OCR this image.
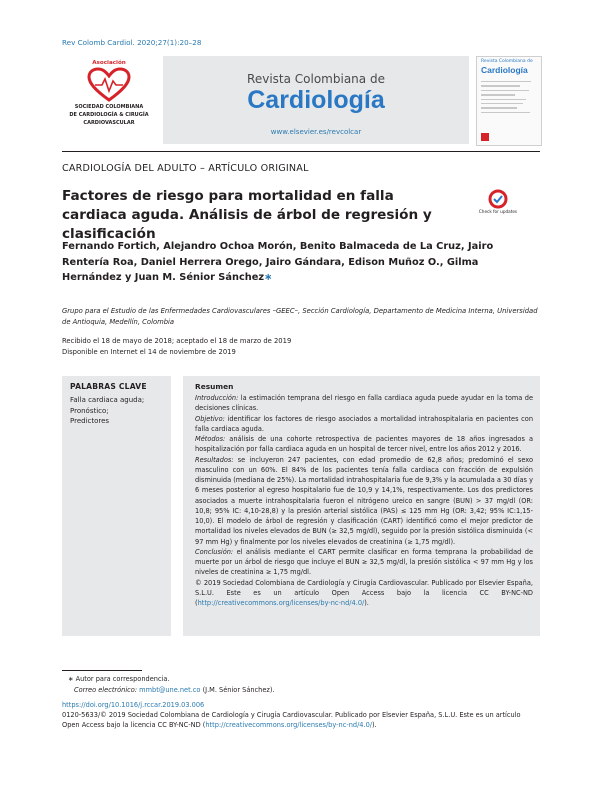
Rev Colomb Cardiol. 2020;27(1):20–28
Asociación
SOCIEDAD COLOMBIANA
DE CARDIOLOGÍA & CIRUGÍA
CARDIOVASCULAR
Revista Colombiana de
Cardiología
www.elsevier.es/revcolcar
Revista Colombiana de
Cardiología
CARDIOLOGÍA DEL ADULTO – ARTÍCULO ORIGINAL
Factores de riesgo para mortalidad en falla cardiaca aguda. Análisis de árbol de regresión y clasificación
Check for updates
Fernando Fortich, Alejandro Ochoa Morón, Benito Balmaceda de La Cruz, Jairo Rentería Roa, Daniel Herrera Orego, Jairo Gándara, Edison Muñoz O., Gilma Hernández y Juan M. Sénior Sánchez∗
Grupo para el Estudio de las Enfermedades Cardiovasculares –GEEC–, Sección Cardiología, Departamento de Medicina Interna, Universidad de Antioquia, Medellín, Colombia
Recibido el 18 de mayo de 2018; aceptado el 18 de marzo de 2019
Disponible en Internet el 14 de noviembre de 2019
PALABRAS CLAVE
Falla cardiaca aguda;
Pronóstico;
Predictores
Resumen

Introducción: la estimación temprana del riesgo en falla cardiaca aguda puede ayudar en la toma de decisiones clínicas.

Objetivo: identificar los factores de riesgo asociados a mortalidad intrahospitalaria en pacientes con falla cardiaca aguda.

Métodos: análisis de una cohorte retrospectiva de pacientes mayores de 18 años ingresados a hospitalización por falla cardiaca aguda en un hospital de tercer nivel, entre los años 2012 y 2016.

Resultados: se incluyeron 247 pacientes, con edad promedio de 62,8 años; predominó el sexo masculino con un 60%. El 84% de los pacientes tenía falla cardiaca con fracción de expulsión disminuida (mediana de 25%). La mortalidad intrahospitalaria fue de 9,3% y la acumulada a 30 días y 6 meses posterior al egreso hospitalario fue de 10,9 y 14,1%, respectivamente. Los dos predictores asociados a muerte intrahospitalaria fueron el nitrógeno ureico en sangre (BUN) > 37 mg/dl (OR: 10,8; 95% IC: 4,10-28,8) y la presión arterial sistólica (PAS) ≤ 125 mm Hg (OR: 3,42; 95% IC:1,15-10,0). El modelo de árbol de regresión y clasificación (CART) identificó como el mejor predictor de mortalidad los niveles elevados de BUN (≥ 32,5 mg/dl), seguido por la presión sistólica disminuida (< 97 mm Hg) y finalmente por los niveles elevados de creatinina (≥ 1,75 mg/dl).

Conclusión: el análisis mediante el CART permite clasificar en forma temprana la probabilidad de muerte por un árbol de riesgo que incluye el BUN ≥ 32,5 mg/dl, la presión sistólica < 97 mm Hg y los niveles de creatinina ≥ 1,75 mg/dl.

© 2019 Sociedad Colombiana de Cardiología y Cirugía Cardiovascular. Publicado por Elsevier España, S.L.U. Este es un artículo Open Access bajo la licencia CC BY-NC-ND (http://creativecommons.org/licenses/by-nc-nd/4.0/).

∗ Autor para correspondencia.
Correo electrónico: mmbt@une.net.co (J.M. Sénior Sánchez).
https://doi.org/10.1016/j.rccar.2019.03.006
0120-5633/© 2019 Sociedad Colombiana de Cardiología y Cirugía Cardiovascular. Publicado por Elsevier España, S.L.U. Este es un artículo Open Access bajo la licencia CC BY-NC-ND (http://creativecommons.org/licenses/by-nc-nd/4.0/).
